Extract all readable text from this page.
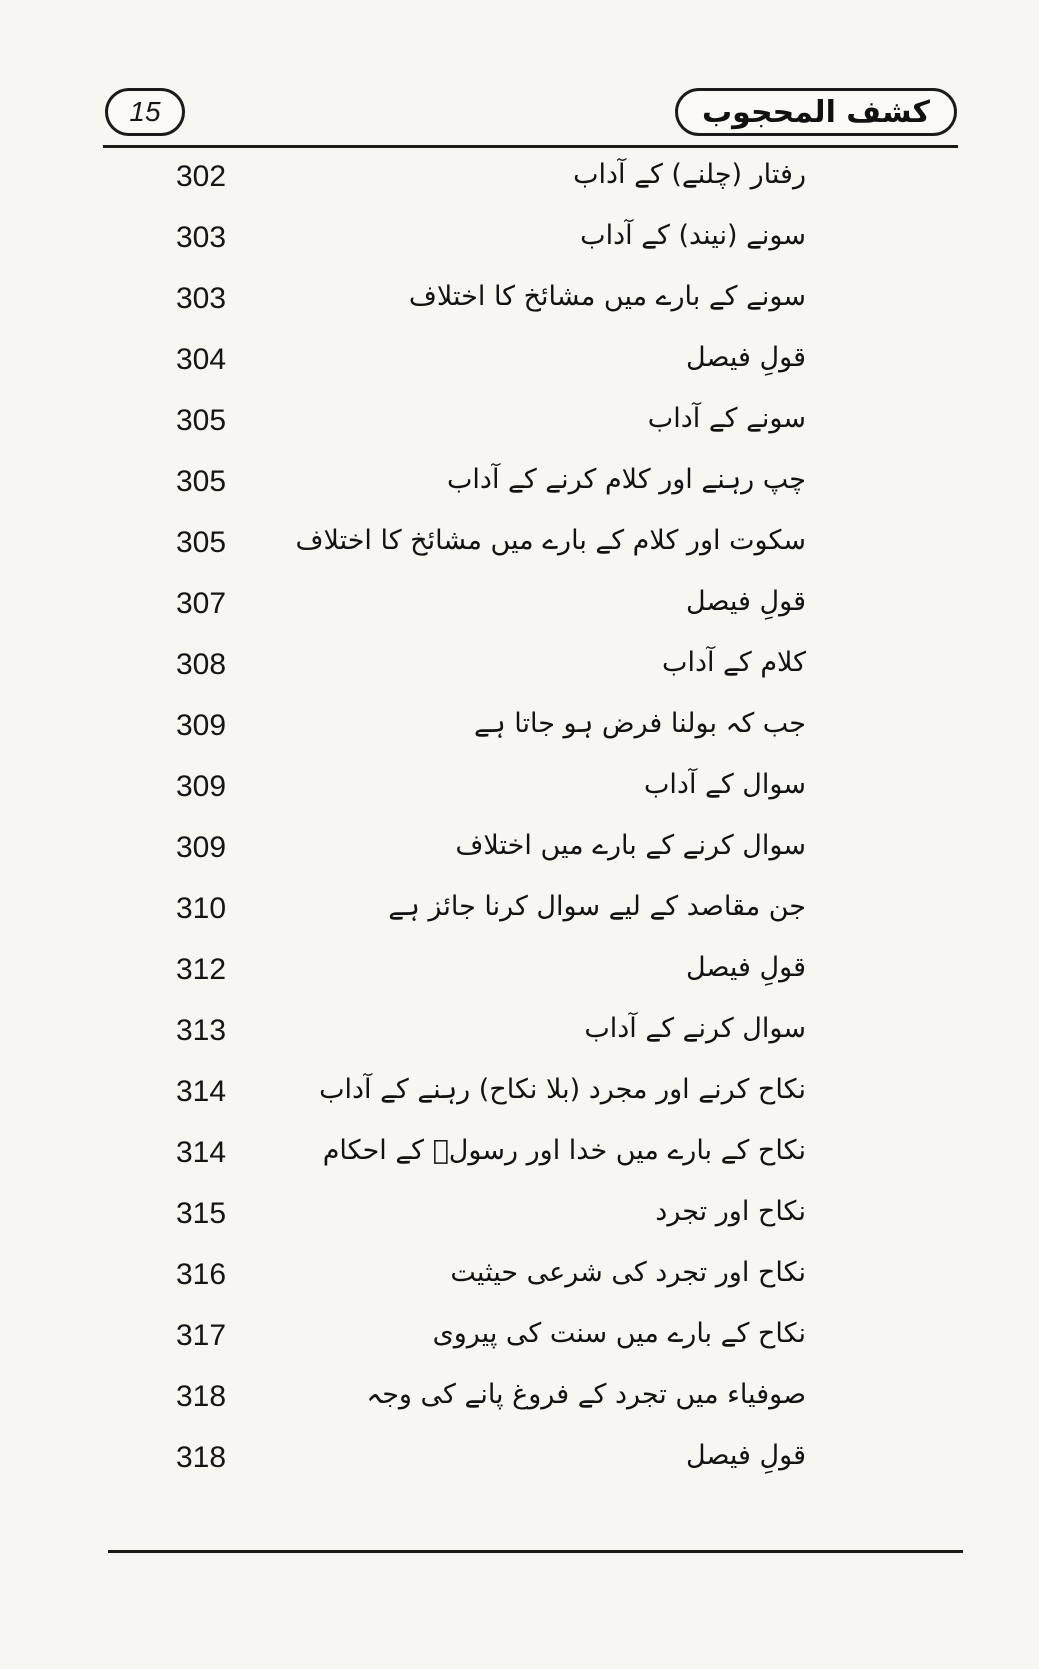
15	کشف المحجوب
رفتار (چلنے) کے آداب
302
سونے (نیند) کے آداب
303
سونے کے بارے میں مشائخ کا اختلاف
303
قولِ فیصل
304
سونے کے آداب
305
چپ رہنے اور کلام کرنے کے آداب
305
سکوت اور کلام کے بارے میں مشائخ کا اختلاف
305
قولِ فیصل
307
کلام کے آداب
308
جب کہ بولنا فرض ہو جاتا ہے
309
سوال کے آداب
309
سوال کرنے کے بارے میں اختلاف
309
جن مقاصد کے لیے سوال کرنا جائز ہے
310
قولِ فیصل
312
سوال کرنے کے آداب
313
نکاح کرنے اور مجرد (بلا نکاح) رہنے کے آداب
314
نکاح کے بارے میں خدا اور رسولؐ کے احکام
314
نکاح اور تجرد
315
نکاح اور تجرد کی شرعی حیثیت
316
نکاح کے بارے میں سنت کی پیروی
317
صوفیاء میں تجرد کے فروغ پانے کی وجہ
318
قولِ فیصل
318
